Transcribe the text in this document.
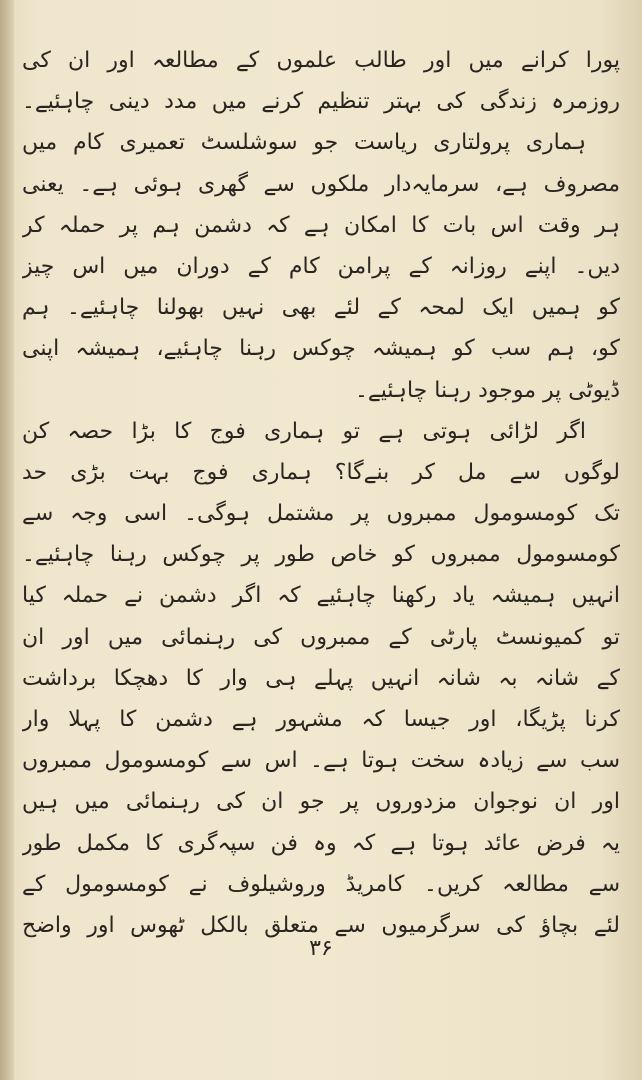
پورا کرانے میں اور طالب علموں کے مطالعہ اور ان کی
روزمرہ زندگی کی بہتر تنظیم کرنے میں مدد دینی چاہئیے۔
ہماری پرولتاری ریاست جو سوشلسٹ تعمیری کام میں
مصروف ہے، سرمایہ‌دار ملکوں سے گھری ہوئی ہے۔ یعنی
ہر وقت اس بات کا امکان ہے کہ دشمن ہم پر حملہ کر
دیں۔ اپنے روزانہ کے پرامن کام کے دوران میں اس چیز
کو ہمیں ایک لمحہ کے لئے بھی نہیں بھولنا چاہئیے۔ ہم
کو، ہم سب کو ہمیشہ چوکس رہنا چاہئیے، ہمیشہ اپنی
ڈیوٹی پر موجود رہنا چاہئیے۔
اگر لڑائی ہوتی ہے تو ہماری فوج کا بڑا حصہ کن
لوگوں سے مل کر بنےگا؟ ہماری فوج بہت بڑی حد
تک کومسومول ممبروں پر مشتمل ہوگی۔ اسی وجہ سے
کومسومول ممبروں کو خاص طور پر چوکس رہنا چاہئیے۔
انہیں ہمیشہ یاد رکھنا چاہئیے کہ اگر دشمن نے حملہ کیا
تو کمیونسٹ پارٹی کے ممبروں کی رہنمائی میں اور ان
کے شانہ بہ شانہ انہیں پہلے ہی وار کا دھچکا برداشت
کرنا پڑیگا، اور جیسا کہ مشہور ہے دشمن کا پہلا وار
سب سے زیادہ سخت ہوتا ہے۔ اس سے کومسومول ممبروں
اور ان نوجوان مزدوروں پر جو ان کی رہنمائی میں ہیں
یہ فرض عائد ہوتا ہے کہ وہ فن سپہ‌گری کا مکمل طور
سے مطالعہ کریں۔ کامریڈ وروشیلوف نے کومسومول کے
لئے بچاؤ کی سرگرمیوں سے متعلق بالکل ٹھوس اور واضح
۳۶
